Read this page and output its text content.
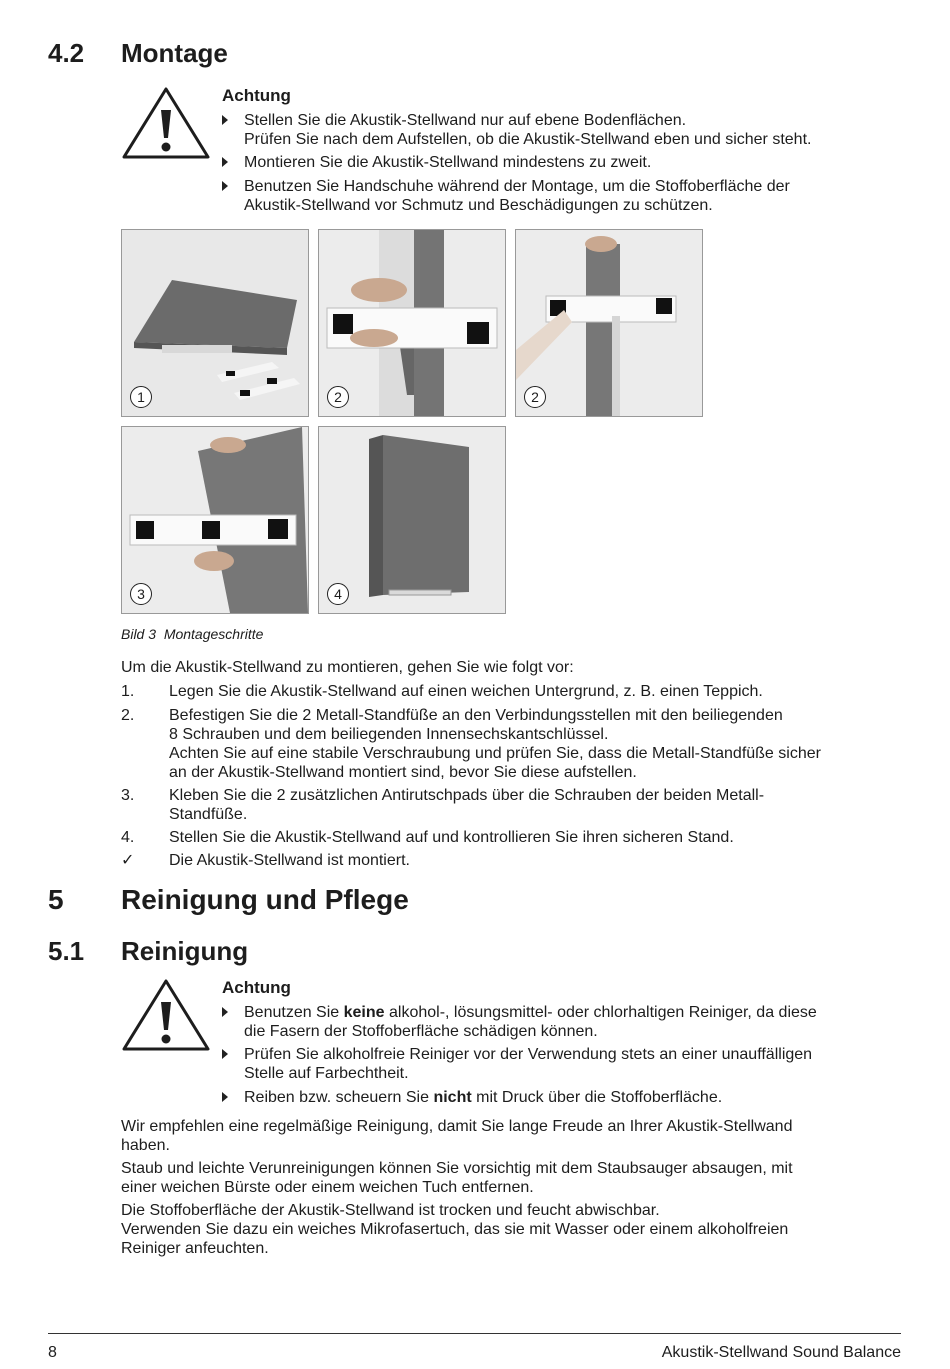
4.2 Montage
Achtung
Stellen Sie die Akustik-Stellwand nur auf ebene Bodenflächen.
Prüfen Sie nach dem Aufstellen, ob die Akustik-Stellwand eben und sicher steht.
Montieren Sie die Akustik-Stellwand mindestens zu zweit.
Benutzen Sie Handschuhe während der Montage, um die Stoffoberfläche der
Akustik-Stellwand vor Schmutz und Beschädigungen zu schützen.
1	2	2
3	4
Bild 3 Montageschritte
Um die Akustik-Stellwand zu montieren, gehen Sie wie folgt vor:
1. Legen Sie die Akustik-Stellwand auf einen weichen Untergrund, z. B. einen Teppich.
2. Befestigen Sie die 2 Metall-Standfüße an den Verbindungsstellen mit den beiliegenden
8 Schrauben und dem beiliegenden Innensechskantschlüssel.
Achten Sie auf eine stabile Verschraubung und prüfen Sie, dass die Metall-Standfüße sicher
an der Akustik-Stellwand montiert sind, bevor Sie diese aufstellen.
3. Kleben Sie die 2 zusätzlichen Antirutschpads über die Schrauben der beiden Metall-
Standfüße.
4. Stellen Sie die Akustik-Stellwand auf und kontrollieren Sie ihren sicheren Stand.
✓ Die Akustik-Stellwand ist montiert.
5 Reinigung und Pflege
5.1 Reinigung
Achtung
Benutzen Sie keine alkohol-, lösungsmittel- oder chlorhaltigen Reiniger, da diese
die Fasern der Stoffoberfläche schädigen können.
Prüfen Sie alkoholfreie Reiniger vor der Verwendung stets an einer unauffälligen
Stelle auf Farbechtheit.
Reiben bzw. scheuern Sie nicht mit Druck über die Stoffoberfläche.
Wir empfehlen eine regelmäßige Reinigung, damit Sie lange Freude an Ihrer Akustik-Stellwand
haben.
Staub und leichte Verunreinigungen können Sie vorsichtig mit dem Staubsauger absaugen, mit
einer weichen Bürste oder einem weichen Tuch entfernen.
Die Stoffoberfläche der Akustik-Stellwand ist trocken und feucht abwischbar.
Verwenden Sie dazu ein weiches Mikrofasertuch, das sie mit Wasser oder einem alkoholfreien
Reiniger anfeuchten.
8	Akustik-Stellwand Sound Balance
